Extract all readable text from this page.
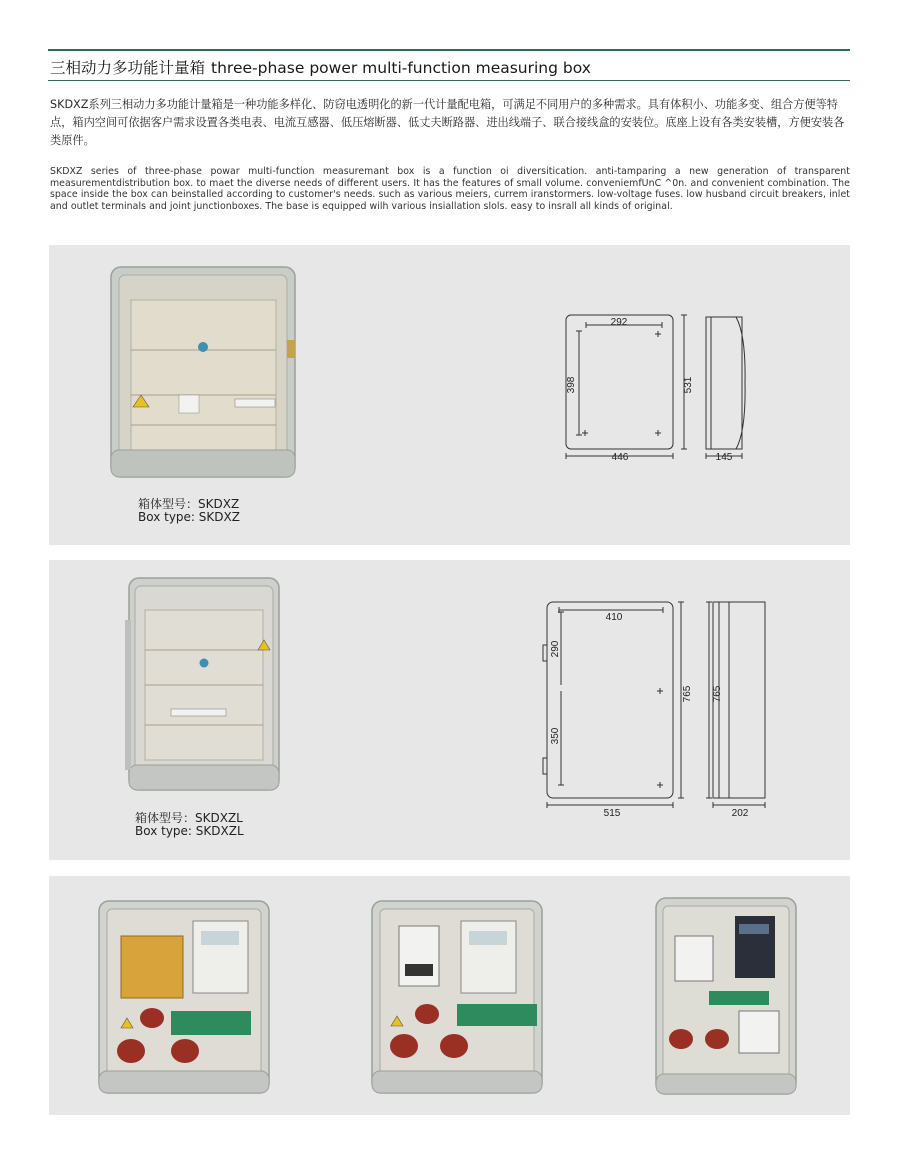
三相动力多功能计量箱 three-phase power multi-function measuring box
SKDXZ系列三相动力多功能计量箱是一种功能多样化、防窃电透明化的新一代计量配电箱，可满足不同用户的多种需求。具有体积小、功能多变、组合方便等特点，箱内空间可依据客户需求设置各类电表、电流互感器、低压熔断器、低丈夫断路器、进出线端子、联合接线盒的安装位。底座上设有各类安装槽，方便安装各类原件。
SKDXZ series of three-phase powar multi-function measuremant box is a function oi diversitication. anti-tamparing a new generation of transparent measurementdistribution box. to maet the diverse needs of different users. It has the features of small volume. conveniemfUnC ^0n. and convenient combination. The space inside the box can beinstalled according to customer's needs. such as various meiers, currem iranstormers. low-voltage fuses. low husband circuit breakers, inlet and outlet terminals and joint junctionboxes. The base is equipped wilh various insiallation slols. easy to insrall all kinds of original.
292
398	531
446	145
箱体型号：SKDXZ
Box type: SKDXZ
410
290
350
765 765
515	202
箱体型号：SKDXZL
Box type: SKDXZL
